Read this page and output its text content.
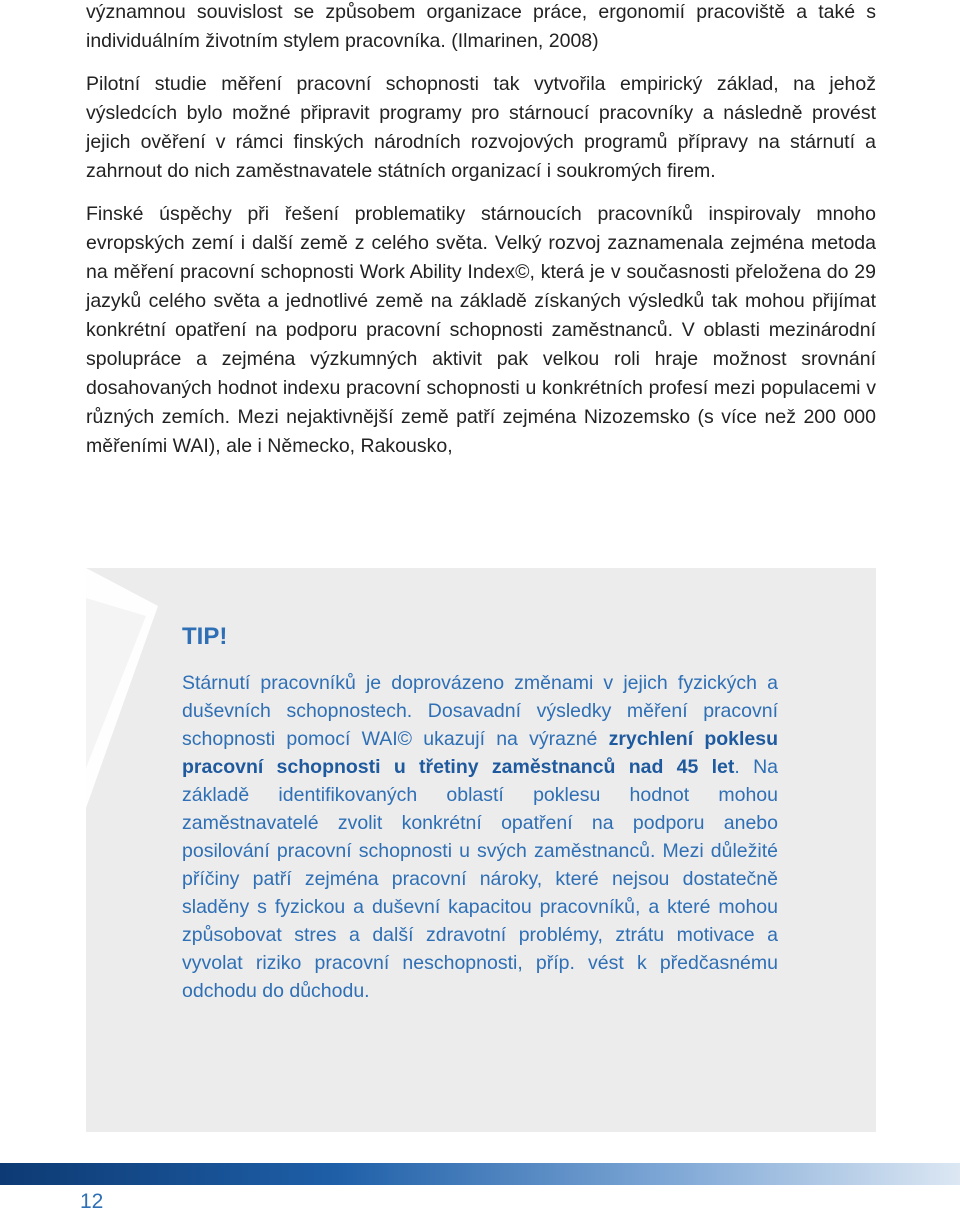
významnou souvislost se způsobem organizace práce, ergonomií pracoviště a také s individuálním životním stylem pracovníka. (Ilmarinen, 2008)

Pilotní studie měření pracovní schopnosti tak vytvořila empirický základ, na jehož výsledcích bylo možné připravit programy pro stárnoucí pracovníky a následně provést jejich ověření v rámci finských národních rozvojových programů přípravy na stárnutí a zahrnout do nich zaměstnavatele státních organizací i soukromých firem.

Finské úspěchy při řešení problematiky stárnoucích pracovníků inspirovaly mnoho evropských zemí i další země z celého světa. Velký rozvoj zaznamenala zejména metoda na měření pracovní schopnosti Work Ability Index©, která je v současnosti přeložena do 29 jazyků celého světa a jednotlivé země na základě získaných výsledků tak mohou přijímat konkrétní opatření na podporu pracovní schopnosti zaměstnanců. V oblasti mezinárodní spolupráce a zejména výzkumných aktivit pak velkou roli hraje možnost srovnání dosahovaných hodnot indexu pracovní schopnosti u konkrétních profesí mezi populacemi v různých zemích. Mezi nejaktivnější země patří zejména Nizozemsko (s více než 200 000 měřeními WAI), ale i Německo, Rakousko,

TIP!

Stárnutí pracovníků je doprovázeno změnami v jejich fyzických a duševních schopnostech. Dosavadní výsledky měření pracovní schopnosti pomocí WAI© ukazují na výrazné zrychlení poklesu pracovní schopnosti u třetiny zaměstnanců nad 45 let. Na základě identifikovaných oblastí poklesu hodnot mohou zaměstnavatelé zvolit konkrétní opatření na podporu anebo posilování pracovní schopnosti u svých zaměstnanců. Mezi důležité příčiny patří zejména pracovní nároky, které nejsou dostatečně sladěny s fyzickou a duševní kapacitou pracovníků, a které mohou způsobovat stres a další zdravotní problémy, ztrátu motivace a vyvolat riziko pracovní neschopnosti, příp. vést k předčasnému odchodu do důchodu.

12
